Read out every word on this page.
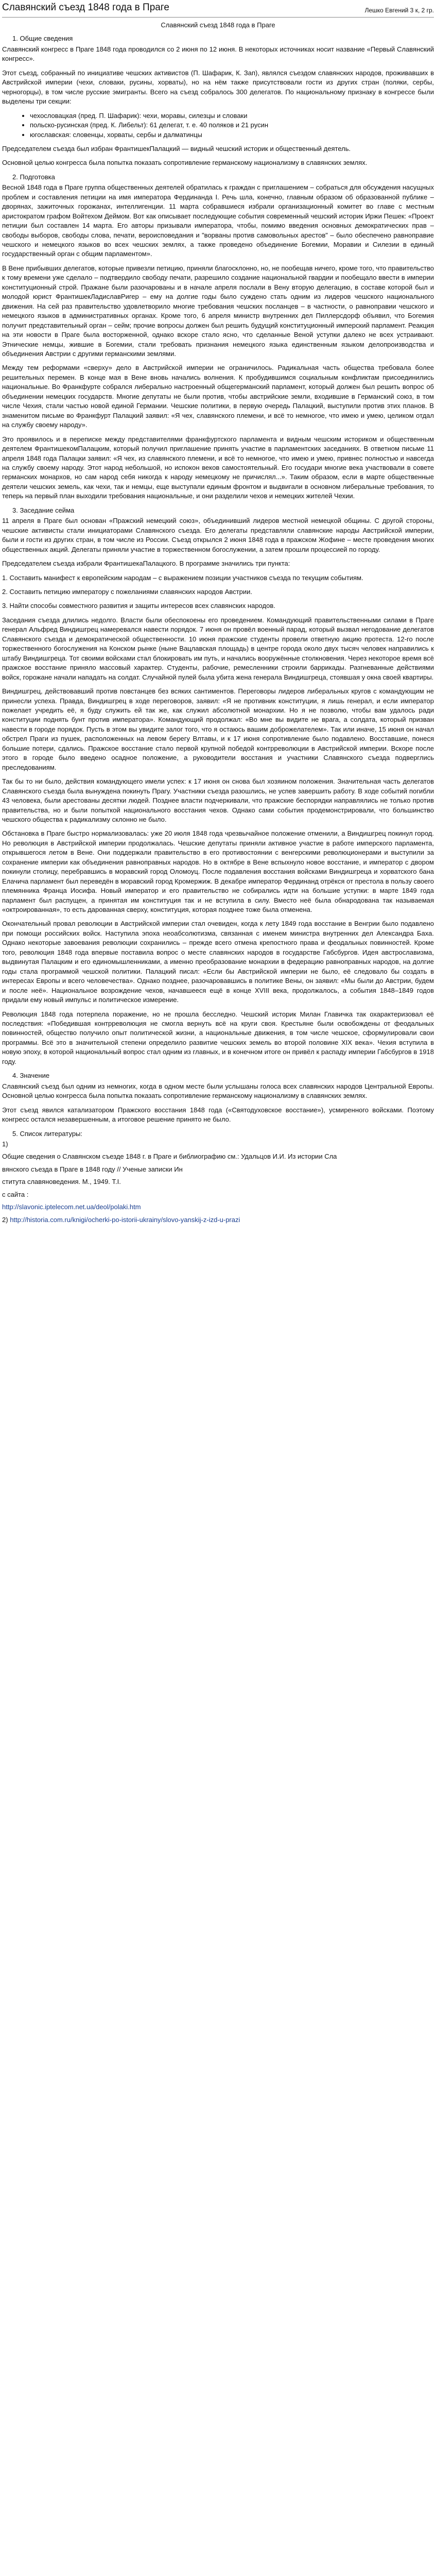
Славянский съезд 1848 года в Праге	Лешко Евгений 3 к, 2 гр.
Славянский съезд 1848 года в Праге
1. Общие сведения

Славянский конгресс в Праге 1848 года проводился со 2 июня по 12 июня. В некоторых источниках носит название «Первый Славянский конгресс».

Этот съезд, собранный по инициативе чешских активистов (П. Шафарик, К. Зап), являлся съездом славянских народов, проживавших в Австрийской империи (чехи, словаки, русины, хорваты), но на нём также присутствовали гости из других стран (поляки, сербы, черногорцы), в том числе русские эмигранты. Всего на съезд собралось 300 делегатов. По национальному признаку в конгрессе были выделены три секции:

• чехословацкая (пред. П. Шафарик): чехи, моравы, силезцы и словаки
• польско-русинская (пред. К. Либельт): 61 делегат, т. е. 40 поляков и 21 русин
• югославская: словенцы, хорваты, сербы и далматинцы

Председателем съезда был избран ФрантишекПалацкий — видный чешский историк и общественный деятель.

Основной целью конгресса была попытка показать сопротивление германскому национализму в славянских землях.

2. Подготовка

Весной 1848 года в Праге группа общественных деятелей обратилась к граждан с приглашением – собраться для обсуждения насущных проблем и составления петиции на имя императора Фердинанда I. Речь шла, конечно, главным образом об образованной публике – дворянах, зажиточных горожанах, интеллигенции. 11 марта собравшиеся избрали организационный комитет во главе с местным аристократом графом Войтехом Деймом. Вот как описывает последующие события современный чешский историк Иржи Пешек: «Проект петиции был составлен 14 марта. Его авторы призывали императора, чтобы, помимо введения основных демократических прав – свободы выборов, свободы слова, печати, вероисповедания и "ворваны против самовольных арестов" – было обеспечено равноправие чешского и немецкого языков во всех чешских землях, а также проведено объединение Богемии, Моравии и Силезии в единый государственный орган с общим парламентом».

В Вене прибывших делегатов, которые привезли петицию, приняли благосклонно, но, не пообещав ничего, кроме того, что правительство к тому времени уже сделало – подтвердило свободу печати, разрешило создание национальной гвардии и пообещало ввести в империи конституционный строй. Пражане были разочарованы и в начале апреля послали в Вену вторую делегацию, в составе которой был и молодой юрист ФрантишекЛадиславРигер – ему на долгие годы было суждено стать одним из лидеров чешского национального движения. На сей раз правительство удовлетворило многие требования чешских посланцев – в частности, о равноправии чешского и немецкого языков в административных органах. Кроме того, 6 апреля министр внутренних дел Пиллерсдорф объявил, что Богемия получит представительный орган – сейм; прочие вопросы должен был решить будущий конституционный имперский парламент. Реакция на эти новости в Праге была восторженной, однако вскоре стало ясно, что сделанные Веной уступки далеко не всех устраивают. Этнические немцы, жившие в Богемии, стали требовать признания немецкого языка единственным языком делопроизводства и объединения Австрии с другими германскими землями.

Между тем реформами «сверху» дело в Австрийской империи не ограничилось. Радикальная часть общества требовала более решительных перемен. В конце мая в Вене вновь начались волнения. К пробудившимся социальным конфликтам присоединились национальные. Во Франкфурте собрался либерально настроенный общегерманский парламент, который должен был решить вопрос об объединении немецких государств. Многие депутаты не были против, чтобы австрийские земли, входившие в Германский союз, в том числе Чехия, стали частью новой единой Германии. Чешские политики, в первую очередь Палацкий, выступили против этих планов. В знаменитом письме во Франкфурт Палацкий заявил: «Я чех, славянского племени, и всё то немногое, что имею и умею, целиком отдал на службу своему народу».

Это проявилось и в переписке между представителями франкфуртского парламента и видным чешским историком и общественным деятелем ФрантишекомПалацким, который получил приглашение принять участие в парламентских заседаниях. В ответном письме 11 апреля 1848 года Палацки заявил: «Я чех, из славянского племени, и всё то немногое, что имею и умею, привнес полностью и навсегда на службу своему народу. Этот народ небольшой, но испокон веков самостоятельный. Его государи многие века участвовали в совете германских монархов, но сам народ себя никогда к народу немецкому не причислял...». Таким образом, если в марте общественные деятели чешских земель, как чехи, так и немцы, еще выступали единым фронтом и выдвигали в основном либеральные требования, то теперь на первый план выходили требования национальные, и они разделили чехов и немецких жителей Чехии.

3. Заседание сейма

11 апреля в Праге был основан «Пражский немецкий союз», объединивший лидеров местной немецкой общины. С другой стороны, чешские активисты стали инициаторами Славянского съезда. Его делегаты представляли славянские народы Австрийской империи, были и гости из других стран, в том числе из России. Съезд открылся 2 июня 1848 года в пражском Жофине – месте проведения многих общественных акций. Делегаты приняли участие в торжественном богослужении, а затем прошли процессией по городу.

Председателем съезда избрали ФрантишекаПалацкого. В программе значились три пункта:

1. Составить манифест к европейским народам – с выражением позиции участников съезда по текущим событиям.
2. Составить петицию императору с пожеланиями славянских народов Австрии.
3. Найти способы совместного развития и защиты интересов всех славянских народов.

Заседания съезда длились недолго. Власти были обеспокоены его проведением. Командующий правительственными силами в Праге генерал Альфред Виндишгрец намеревался навести порядок. 7 июня он провёл военный парад, который вызвал негодование делегатов Славянского съезда и демократической общественности. 10 июня пражские студенты провели ответную акцию протеста. 12-го после торжественного богослужения на Конском рынке (ныне Вацлавская площадь) в центре города около двух тысяч человек направились к штабу Виндишгреца. Тот своими войсками стал блокировать им путь, и начались вооружённые столкновения. Через некоторое время всё пражское восстание приняло массовый характер. Студенты, рабочие, ремесленники строили баррикады. Разгневанные действиями войск, горожане начали нападать на солдат. Случайной пулей была убита жена генерала Виндишгреца, стоявшая у окна своей квартиры.

Виндишгрец, действовавший против повстанцев без всяких сантиментов. Переговоры лидеров либеральных кругов с командующим не принесли успеха. Правда, Виндишгрец в ходе переговоров, заявил: «Я не противник конституции, я лишь генерал, и если император пожелает учредить её, я буду служить ей так же, как служил абсолютной монархии. Но я не позволю, чтобы вам удалось ради конституции поднять бунт против императора». Командующий продолжал: «Во мне вы видите не врага, а солдата, который призван навести в городе порядок. Пусть в этом вы увидите залог того, что я остаюсь вашим доброжелателем». Так или иначе, 15 июня он начал обстрел Праги из пушек, расположенных на левом берегу Влтавы, и к 17 июня сопротивление было подавлено. Восставшие, понеся большие потери, сдались. Пражское восстание стало первой крупной победой контрреволюции в Австрийской империи. Вскоре после этого в городе было введено осадное положение, а руководители восстания и участники Славянского съезда подверглись преследованиям.

Так бы то ни было, действия командующего имели успех: к 17 июня он снова был хозяином положения. Значительная часть делегатов Славянского съезда была вынуждена покинуть Прагу. Участники съезда разошлись, не успев завершить работу. В ходе событий погибли 43 человека, были арестованы десятки людей. Позднее власти подчеркивали, что пражские беспорядки направлялись не только против правительства, но и были попыткой национального восстания чехов. Однако сами события продемонстрировали, что большинство чешского общества к радикализму склонно не было.

Обстановка в Праге быстро нормализовалась: уже 20 июля 1848 года чрезвычайное положение отменили, а Виндишгрец покинул город. Но революция в Австрийской империи продолжалась. Чешские депутаты приняли активное участие в работе имперского парламента, открывшегося летом в Вене. Они поддержали правительство в его противостоянии с венгерскими революционерами и выступили за сохранение империи как объединения равноправных народов. Но в октябре в Вене вспыхнуло новое восстание, и император с двором покинули столицу, перебравшись в моравский город Оломоуц. После подавления восстания войсками Виндишгреца и хорватского бана Елачича парламент был переведён в моравский город Кромержиж. В декабре император Фердинанд отрёкся от престола в пользу своего племянника Франца Иосифа. Новый император и его правительство не собирались идти на большие уступки: в марте 1849 года парламент был распущен, а принятая им конституция так и не вступила в силу. Вместо неё была обнародована так называемая «октроированная», то есть дарованная сверху, конституция, которая позднее тоже была отменена.

Окончательный провал революции в Австрийской империи стал очевиден, когда к лету 1849 года восстание в Венгрии было подавлено при помощи российских войск. Наступила эпоха неоабсолютизма, связанная с именем министра внутренних дел Александра Баха. Однако некоторые завоевания революции сохранились – прежде всего отмена крепостного права и феодальных повинностей. Кроме того, революция 1848 года впервые поставила вопрос о месте славянских народов в государстве Габсбургов. Идея австрославизма, выдвинутая Палацким и его единомышленниками, а именно преобразование монархии в федерацию равноправных народов, на долгие годы стала программой чешской политики. Палацкий писал: «Если бы Австрийской империи не было, её следовало бы создать в интересах Европы и всего человечества». Однако позднее, разочаровавшись в политике Вены, он заявил: «Мы были до Австрии, будем и после неё». Национальное возрождение чехов, начавшееся ещё в конце XVIII века, продолжалось, а события 1848–1849 годов придали ему новый импульс и политическое измерение.

Революция 1848 года потерпела поражение, но не прошла бесследно. Чешский историк Милан Главичка так охарактеризовал её последствия: «Победившая контрреволюция не смогла вернуть всё на круги своя. Крестьяне были освобождены от феодальных повинностей, общество получило опыт политической жизни, а национальные движения, в том числе чешское, сформулировали свои программы. Всё это в значительной степени определило развитие чешских земель во второй половине XIX века». Чехия вступила в новую эпоху, в которой национальный вопрос стал одним из главных, и в конечном итоге он привёл к распаду империи Габсбургов в 1918 году.

4. Значение

Славянский съезд был одним из немногих, когда в одном месте были услышаны голоса всех славянских народов Центральной Европы. Основной целью конгресса была попытка показать сопротивление германскому национализму в славянских землях.

Этот съезд явился катализатором Пражского восстания 1848 года («Святодуховское восстание»), усмиренного войсками. Поэтому конгресс остался незавершенным, а итоговое решение принято не было.

5. Список литературы:
1)
Общие сведения о Славянском съезде 1848 г. в Праге и библиографию см.: Удальцов И.И. Из истории Сла
вянского съезда в Праге в 1848 году // Ученые записки Ин
ститута славяноведения. М., 1949. Т.I.
с сайта :
http://slavonic.iptelecom.net.ua/deol/polaki.htm
2) http://historia.com.ru/knigi/ocherki-po-istorii-ukrainy/slovo-yanskij-z-izd-u-prazi
